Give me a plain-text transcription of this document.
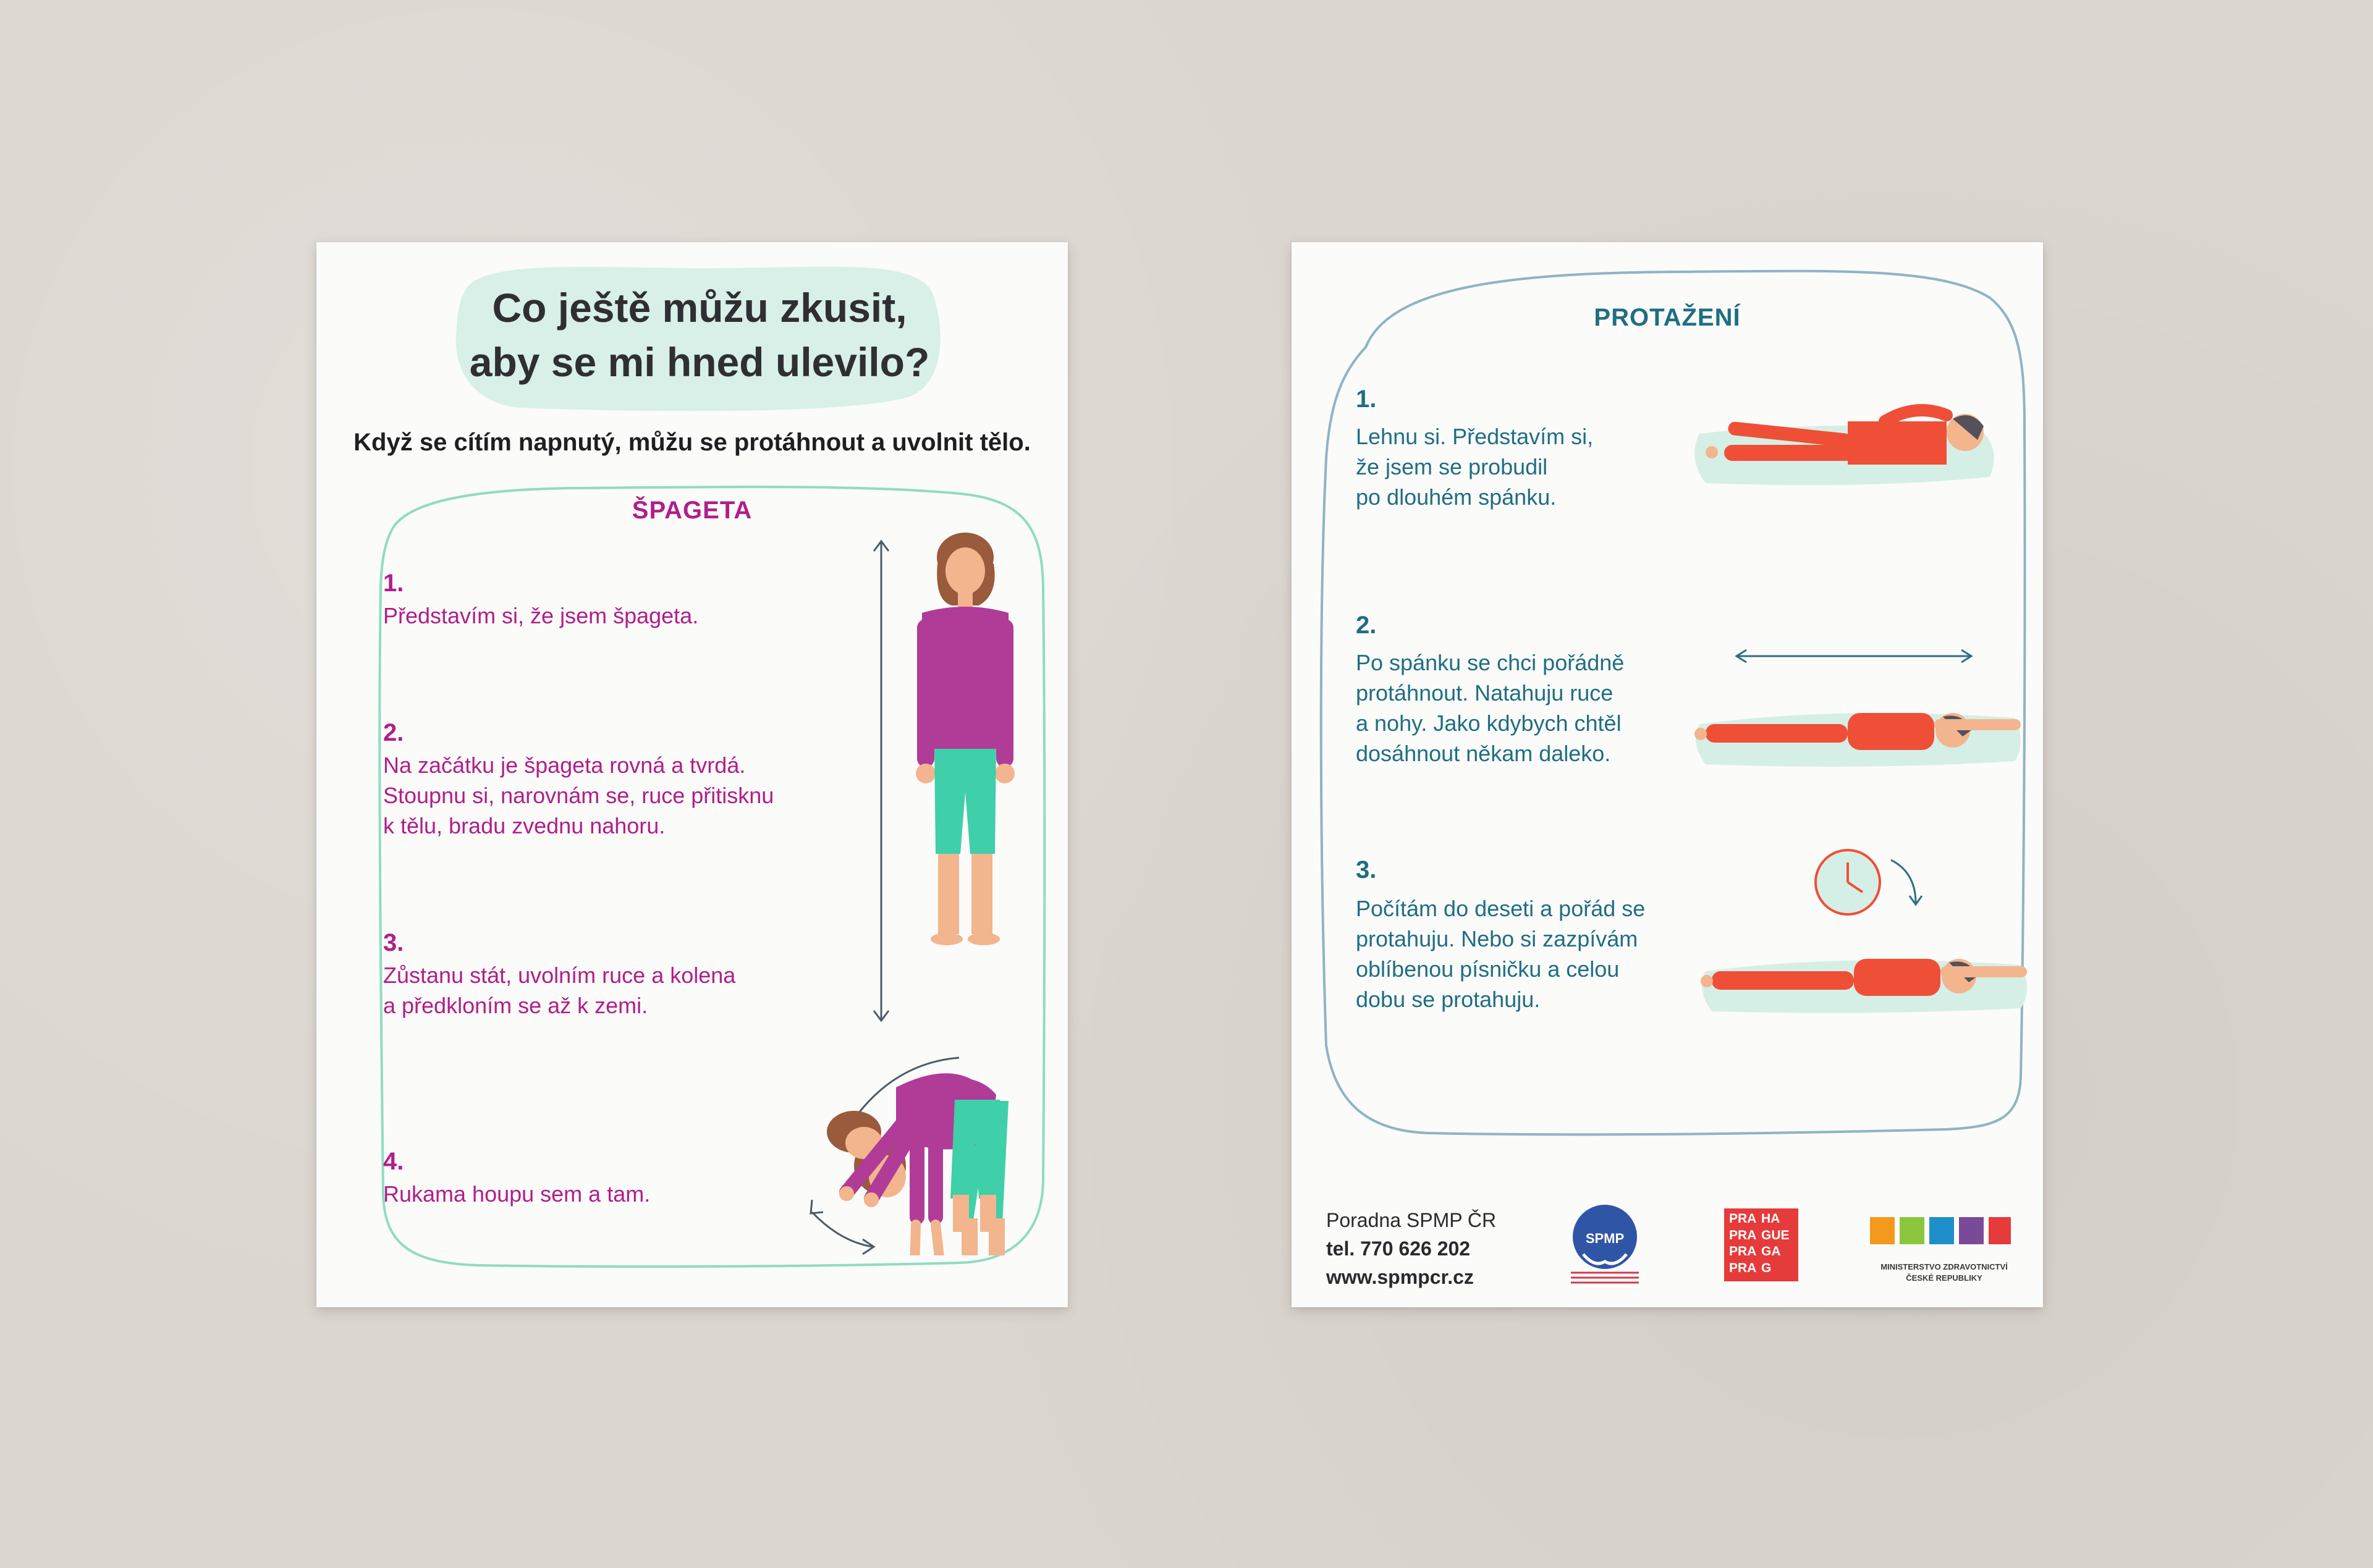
Co ještě můžu zkusit,
aby se mi hned ulevilo?
Když se cítím napnutý, můžu se protáhnout a uvolnit tělo.
ŠPAGETA
1.
Představím si, že jsem špageta.
2.
Na začátku je špageta rovná a tvrdá.
Stoupnu si, narovnám se, ruce přitisknu
k tělu, bradu zvednu nahoru.
3.
Zůstanu stát, uvolním ruce a kolena
a předkloním se až k zemi.
4.
Rukama houpu sem a tam.
PROTAŽENÍ
1.
Lehnu si. Představím si,
že jsem se probudil
po dlouhém spánku.
2.
Po spánku se chci pořádně
protáhnout. Natahuju ruce
a nohy. Jako kdybych chtěl
dosáhnout někam daleko.
3.
Počítám do deseti a pořád se
protahuju. Nebo si zazpívám
oblíbenou písničku a celou
dobu se protahuju.
Poradna SPMP ČR
tel. 770 626 202
www.spmpcr.cz
SPMP
PRA HA
PRA GUE
PRA GA
PRA G	MINISTERSTVO ZDRAVOTNICTVÍ
ČESKÉ REPUBLIKY
